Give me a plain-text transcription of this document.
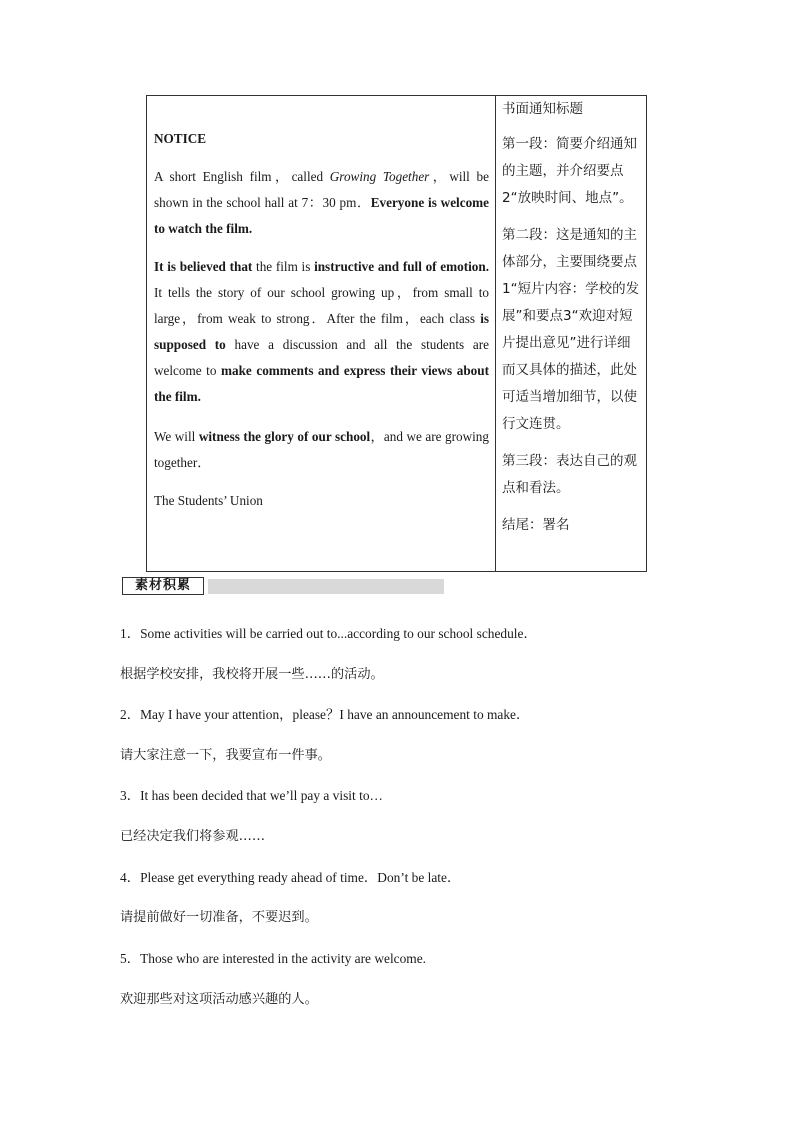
NOTICE

A short English film，called Growing Together，will be shown in the school hall at 7：30 pm．Everyone is welcome to watch the film.

It is believed that the film is instructive and full of emotion. It tells the story of our school growing up，from small to large，from weak to strong．After the film，each class is supposed to have a discussion and all the students are welcome to make comments and express their views about the film.

We will witness the glory of our school，and we are growing together．

The Students’ Union

书面通知标题

第一段：简要介绍通知的主题，并介绍要点2“放映时间、地点”。

第二段：这是通知的主体部分，主要围绕要点1“短片内容：学校的发展”和要点3“欢迎对短片提出意见”进行详细而又具体的描述，此处可适当增加细节，以使行文连贯。

第三段：表达自己的观点和看法。

结尾：署名

素材积累
1．Some activities will be carried out to...according to our school schedule．
根据学校安排，我校将开展一些……的活动。
2．May I have your attention，please？I have an announcement to make．
请大家注意一下，我要宣布一件事。
3．It has been decided that we’ll pay a visit to…
已经决定我们将参观……
4．Please get everything ready ahead of time．Don’t be late．
请提前做好一切准备，不要迟到。
5．Those who are interested in the activity are welcome.
欢迎那些对这项活动感兴趣的人。
